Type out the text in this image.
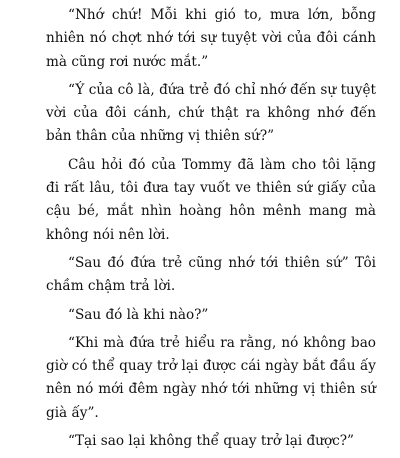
“Nhớ chứ! Mỗi khi gió to, mưa lớn, bỗng nhiên nó chợt nhớ tới sự tuyệt vời của đôi cánh mà cũng rơi nước mắt.”

“Ý của cô là, đứa trẻ đó chỉ nhớ đến sự tuyệt vời của đôi cánh, chứ thật ra không nhớ đến bản thân của những vị thiên sứ?”

Câu hỏi đó của Tommy đã làm cho tôi lặng đi rất lâu, tôi đưa tay vuốt ve thiên sứ giấy của cậu bé, mắt nhìn hoàng hôn mênh mang mà không nói nên lời.

“Sau đó đứa trẻ cũng nhớ tới thiên sứ” Tôi chầm chậm trả lời.

“Sau đó là khi nào?”

“Khi mà đứa trẻ hiểu ra rằng, nó không bao giờ có thể quay trở lại được cái ngày bắt đầu ấy nên nó mới đêm ngày nhớ tới những vị thiên sứ già ấy”.

“Tại sao lại không thể quay trở lại được?”
